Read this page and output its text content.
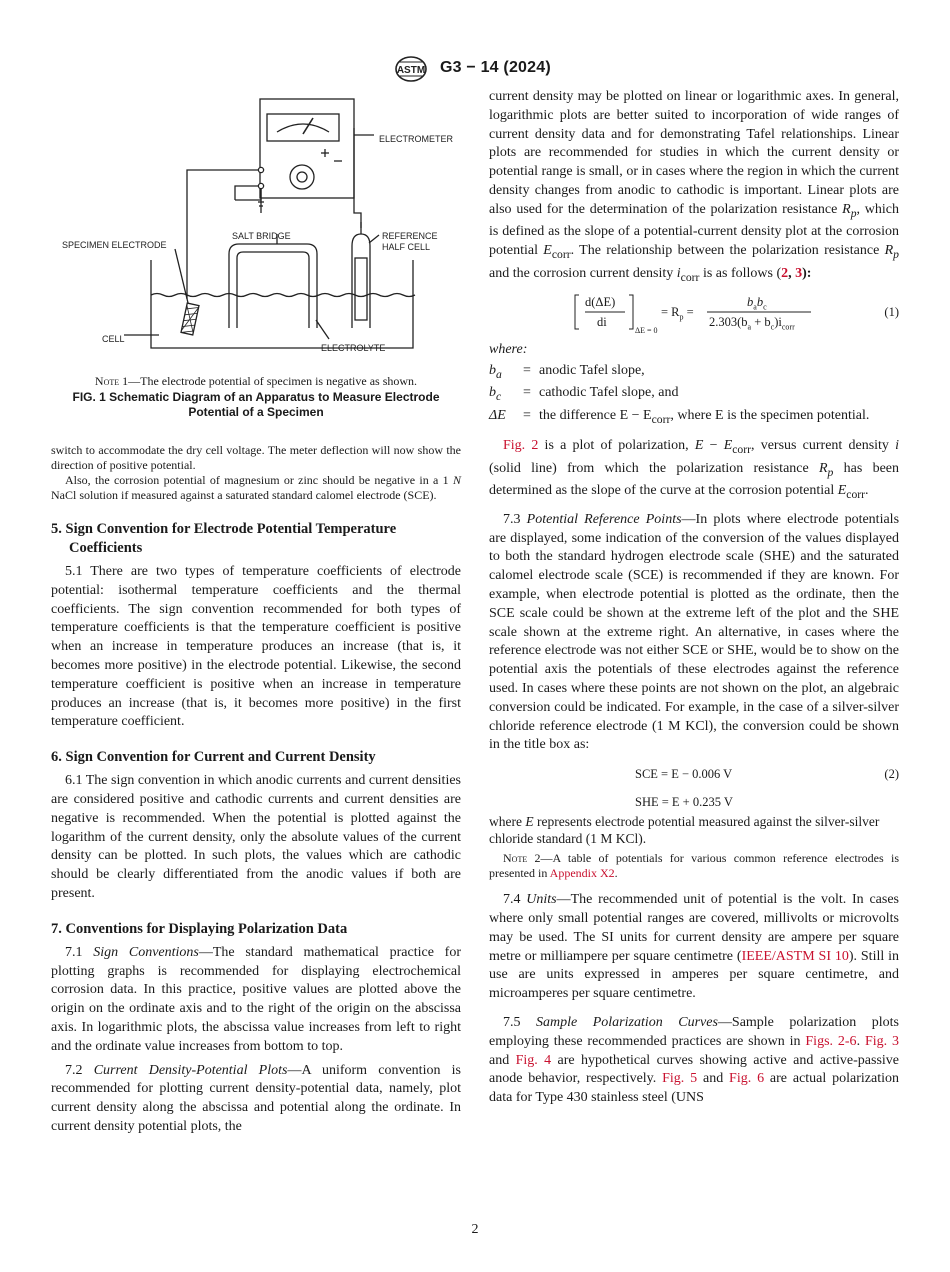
ASTM G3 − 14 (2024)
ELECTROMETER
SPECIMEN ELECTRODE
SALT BRIDGE	REFERENCE
HALF CELL
CELL
ELECTROLYTE
Note 1—The electrode potential of specimen is negative as shown.
FIG. 1 Schematic Diagram of an Apparatus to Measure Electrode Potential of a Specimen

switch to accommodate the dry cell voltage. The meter deflection will now show the direction of positive potential.

Also, the corrosion potential of magnesium or zinc should be negative in a 1 N NaCl solution if measured against a saturated standard calomel electrode (SCE).

5. Sign Convention for Electrode Potential Temperature
Coefficients

5.1 There are two types of temperature coefficients of electrode potential: isothermal temperature coefficients and the thermal coefficients. The sign convention recommended for both types of temperature coefficients is that the temperature coefficient is positive when an increase in temperature produces an increase (that is, it becomes more positive) in the electrode potential. Likewise, the second temperature coefficient is positive when an increase in temperature produces an increase (that is, it becomes more positive) in the first temperature coefficient.

6. Sign Convention for Current and Current Density

6.1 The sign convention in which anodic currents and current densities are considered positive and cathodic currents and current densities are negative is recommended. When the potential is plotted against the logarithm of the current density, only the absolute values of the current density can be plotted. In such plots, the values which are cathodic should be clearly differentiated from the anodic values if both are present.

7. Conventions for Displaying Polarization Data

7.1 Sign Conventions—The standard mathematical practice for plotting graphs is recommended for displaying electrochemical corrosion data. In this practice, positive values are plotted above the origin on the ordinate axis and to the right of the origin on the abscissa axis. In logarithmic plots, the abscissa value increases from left to right and the ordinate value increases from bottom to top.

7.2 Current Density-Potential Plots—A uniform convention is recommended for plotting current density-potential data, namely, plot current density along the abscissa and potential along the ordinate. In current density potential plots, the

current density may be plotted on linear or logarithmic axes. In general, logarithmic plots are better suited to incorporation of wide ranges of current density data and for demonstrating Tafel relationships. Linear plots are recommended for studies in which the current density or potential range is small, or in cases where the region in which the current density changes from anodic to cathodic is important. Linear plots are also used for the determination of the polarization resistance $R_p$, which is defined as the slope of a potential-current density plot at the corrosion potential $E_{corr}$. The relationship between the polarization resistance $R_p$ and the corrosion current density $i_{corr}$ is as follows (2, 3):

d(ΔE)
di
ΔE = 0
= $R_p$ =
$b_ab_c$
$2.303(b_a + b_c)i_{corr}$
(1)

where:

$b_a$	= anodic Tafel slope,
$b_c$	= cathodic Tafel slope, and
ΔE	= the difference $E - E_{corr}$, where E is the specimen potential.

Fig. 2 is a plot of polarization, $E - E_{corr}$, versus current density i (solid line) from which the polarization resistance $R_p$ has been determined as the slope of the curve at the corrosion potential $E_{corr}$.

7.3 Potential Reference Points—In plots where electrode potentials are displayed, some indication of the conversion of the values displayed to both the standard hydrogen electrode scale (SHE) and the saturated calomel electrode scale (SCE) is recommended if they are known. For example, when electrode potential is plotted as the ordinate, then the SCE scale could be shown at the extreme left of the plot and the SHE scale shown at the extreme right. An alternative, in cases where the reference electrode was not either SCE or SHE, would be to show on the potential axis the potentials of these electrodes against the reference used. In cases where these points are not shown on the plot, an algebraic conversion could be indicated. For example, in the case of a silver-silver chloride reference electrode (1 M KCl), the conversion could be shown in the title box as:

SCE = E − 0.006 V	(2)
SHE = E + 0.235 V

where E represents electrode potential measured against the silver-silver chloride standard (1 M KCl).

Note 2—A table of potentials for various common reference electrodes is presented in Appendix X2.

7.4 Units—The recommended unit of potential is the volt. In cases where only small potential ranges are covered, millivolts or microvolts may be used. The SI units for current density are ampere per square metre or milliampere per square centimetre (IEEE/ASTM SI 10). Still in use are units expressed in amperes per square centimetre, and microamperes per square centimetre.

7.5 Sample Polarization Curves—Sample polarization plots employing these recommended practices are shown in Figs. 2-6. Fig. 3 and Fig. 4 are hypothetical curves showing active and active-passive anode behavior, respectively. Fig. 5 and Fig. 6 are actual polarization data for Type 430 stainless steel (UNS

2
